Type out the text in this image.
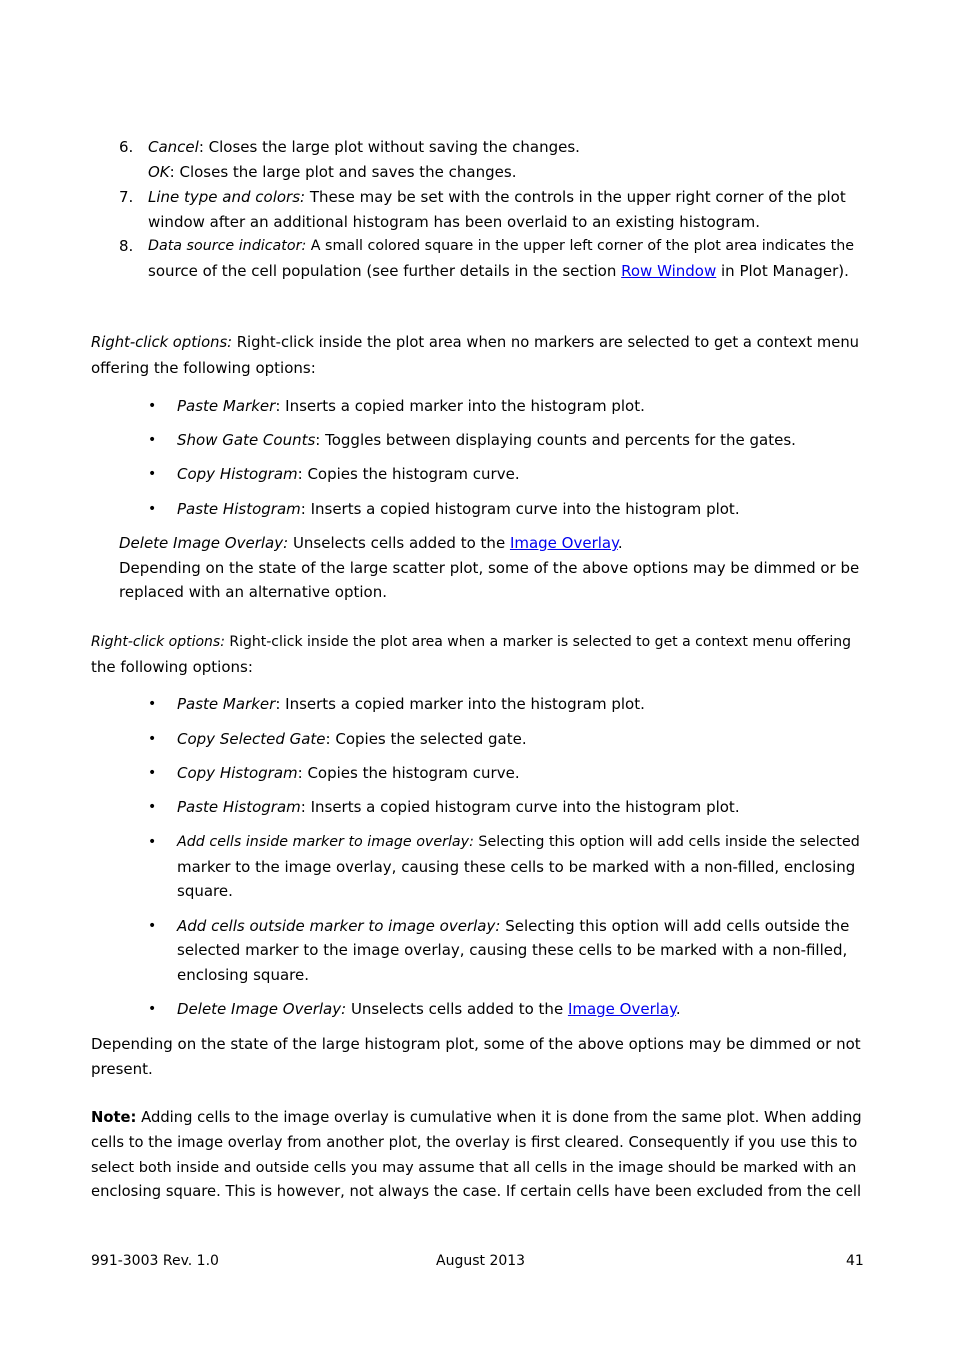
6. Cancel: Closes the large plot without saving the changes.
OK: Closes the large plot and saves the changes.
7. Line type and colors: These may be set with the controls in the upper right corner of the plot
window after an additional histogram has been overlaid to an existing histogram.
8. Data source indicator: A small colored square in the upper left corner of the plot area indicates the
source of the cell population (see further details in the section Row Window in Plot Manager).
Right-click options: Right-click inside the plot area when no markers are selected to get a context menu
offering the following options:
• Paste Marker: Inserts a copied marker into the histogram plot.
• Show Gate Counts: Toggles between displaying counts and percents for the gates.
• Copy Histogram: Copies the histogram curve.
• Paste Histogram: Inserts a copied histogram curve into the histogram plot.
Delete Image Overlay: Unselects cells added to the Image Overlay.
Depending on the state of the large scatter plot, some of the above options may be dimmed or be
replaced with an alternative option.
Right-click options: Right-click inside the plot area when a marker is selected to get a context menu offering
the following options:
• Paste Marker: Inserts a copied marker into the histogram plot.
• Copy Selected Gate: Copies the selected gate.
• Copy Histogram: Copies the histogram curve.
• Paste Histogram: Inserts a copied histogram curve into the histogram plot.
• Add cells inside marker to image overlay: Selecting this option will add cells inside the selected
marker to the image overlay, causing these cells to be marked with a non-filled, enclosing
square.
• Add cells outside marker to image overlay: Selecting this option will add cells outside the
selected marker to the image overlay, causing these cells to be marked with a non-filled,
enclosing square.
• Delete Image Overlay: Unselects cells added to the Image Overlay.
Depending on the state of the large histogram plot, some of the above options may be dimmed or not
present.
Note: Adding cells to the image overlay is cumulative when it is done from the same plot. When adding
cells to the image overlay from another plot, the overlay is first cleared. Consequently if you use this to
select both inside and outside cells you may assume that all cells in the image should be marked with an
enclosing square. This is however, not always the case. If certain cells have been excluded from the cell
991-3003 Rev. 1.0	August 2013	41
